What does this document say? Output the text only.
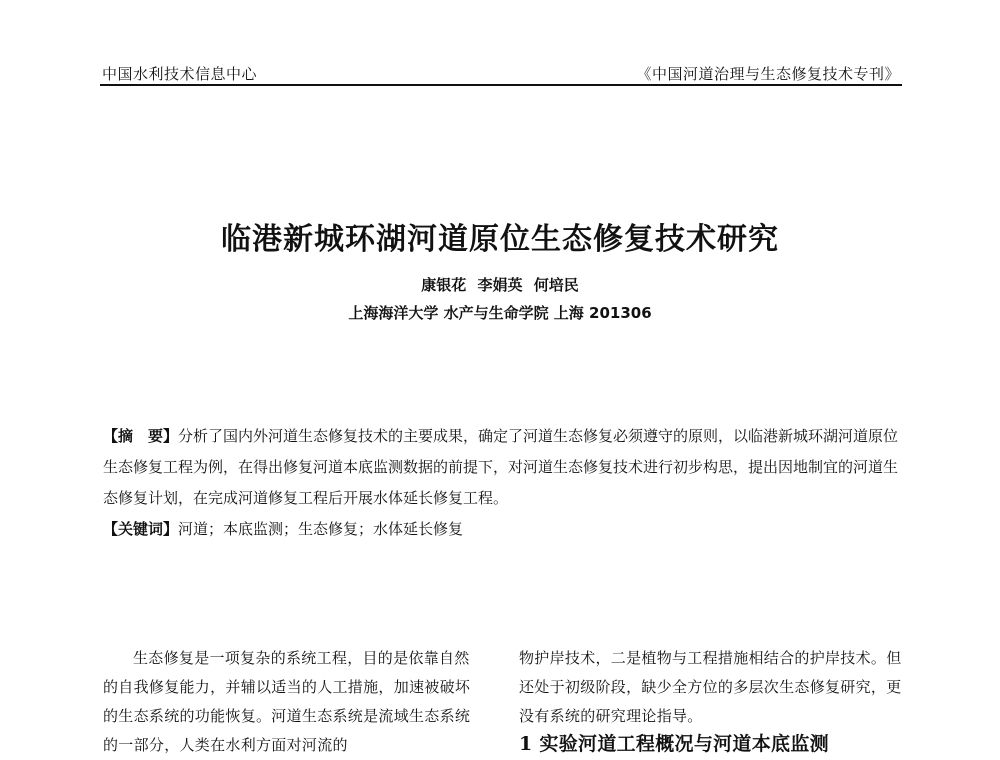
中国水利技术信息中心	《中国河道治理与生态修复技术专刊》
临港新城环湖河道原位生态修复技术研究
康银花 李娟英 何培民
上海海洋大学 水产与生命学院 上海 201306

【摘　要】分析了国内外河道生态修复技术的主要成果，确定了河道生态修复必须遵守的原则，以临港新城环湖河道原位生态修复工程为例，在得出修复河道本底监测数据的前提下，对河道生态修复技术进行初步构思，提出因地制宜的河道生态修复计划，在完成河道修复工程后开展水体延长修复工程。

【关键词】河道；本底监测；生态修复；水体延长修复

生态修复是一项复杂的系统工程，目的是依靠自然的自我修复能力，并辅以适当的人工措施，加速被破坏的生态系统的功能恢复。河道生态系统是流域生态系统的一部分，人类在水利方面对河流的

物护岸技术，二是植物与工程措施相结合的护岸技术。但还处于初级阶段，缺少全方位的多层次生态修复研究，更没有系统的研究理论指导。

1 实验河道工程概况与河道本底监测
